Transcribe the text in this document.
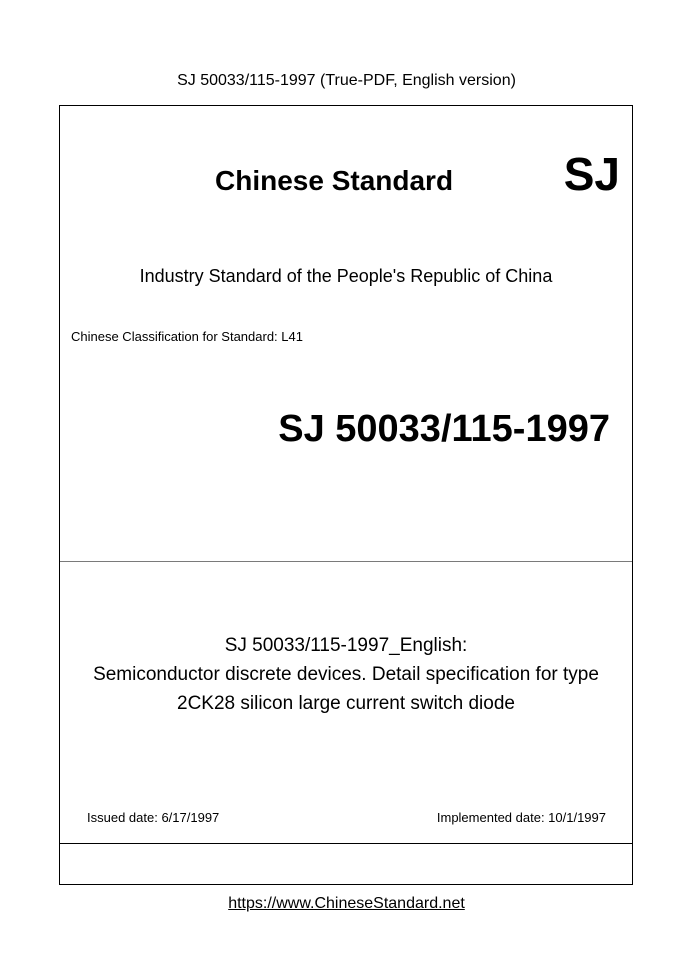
SJ 50033/115-1997 (True-PDF, English version)
Chinese Standard SJ
Industry Standard of the People's Republic of China
Chinese Classification for Standard: L41
SJ 50033/115-1997
SJ 50033/115-1997_English:
Semiconductor discrete devices. Detail specification for type
2CK28 silicon large current switch diode
Issued date: 6/17/1997	Implemented date: 10/1/1997
https://www.ChineseStandard.net
